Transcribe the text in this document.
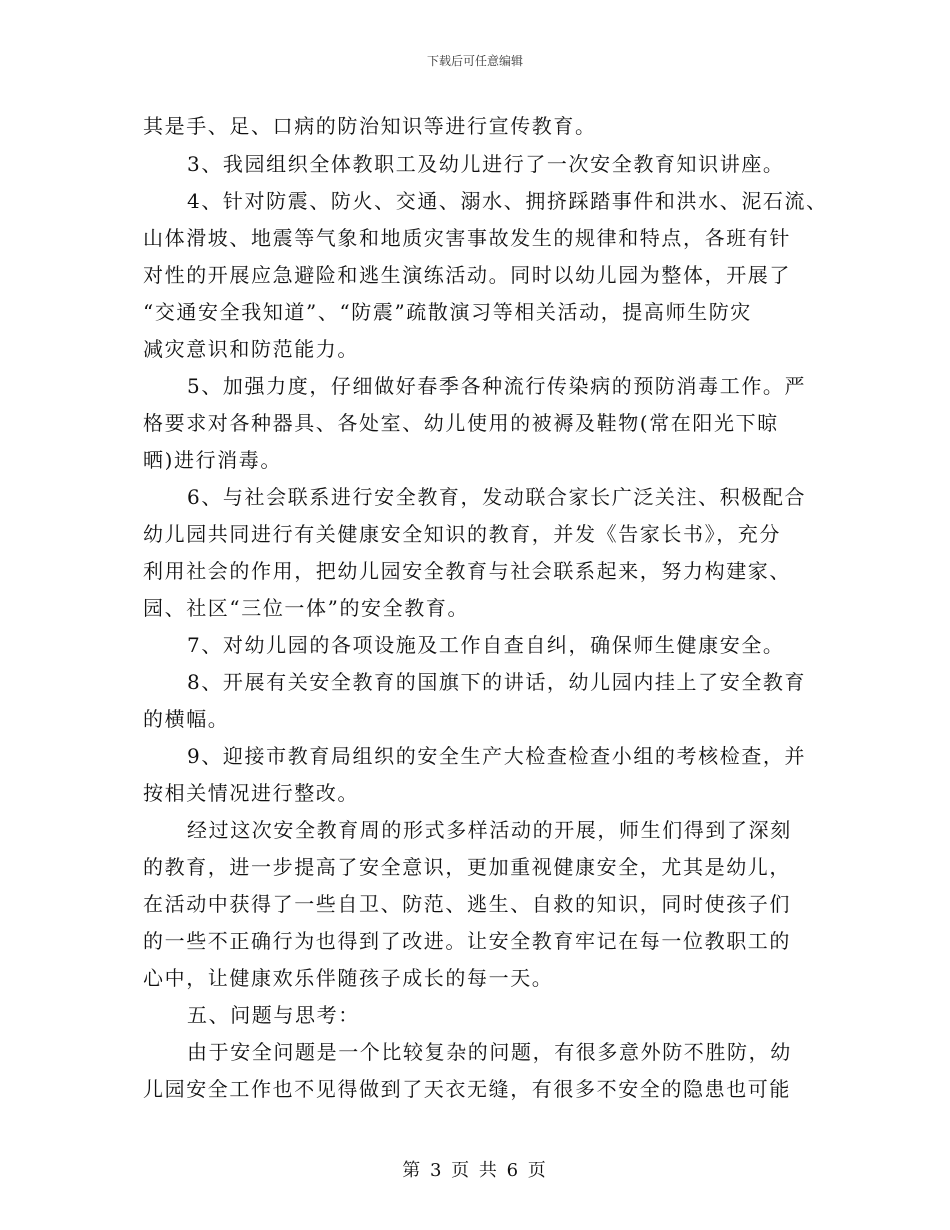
下载后可任意编辑
其是手、足、口病的防治知识等进行宣传教育。
3、我园组织全体教职工及幼儿进行了一次安全教育知识讲座。
4、针对防震、防火、交通、溺水、拥挤踩踏事件和洪水、泥石流、
山体滑坡、地震等气象和地质灾害事故发生的规律和特点，各班有针
对性的开展应急避险和逃生演练活动。同时以幼儿园为整体，开展了
“交通安全我知道”、“防震”疏散演习等相关活动，提高师生防灾
减灾意识和防范能力。
5、加强力度，仔细做好春季各种流行传染病的预防消毒工作。严
格要求对各种器具、各处室、幼儿使用的被褥及鞋物(常在阳光下晾
晒)进行消毒。
6、与社会联系进行安全教育，发动联合家长广泛关注、积极配合
幼儿园共同进行有关健康安全知识的教育，并发《告家长书》，充分
利用社会的作用，把幼儿园安全教育与社会联系起来，努力构建家、
园、社区“三位一体”的安全教育。
7、对幼儿园的各项设施及工作自查自纠，确保师生健康安全。
8、开展有关安全教育的国旗下的讲话，幼儿园内挂上了安全教育
的横幅。
9、迎接市教育局组织的安全生产大检查检查小组的考核检查，并
按相关情况进行整改。
经过这次安全教育周的形式多样活动的开展，师生们得到了深刻
的教育，进一步提高了安全意识，更加重视健康安全，尤其是幼儿，
在活动中获得了一些自卫、防范、逃生、自救的知识，同时使孩子们
的一些不正确行为也得到了改进。让安全教育牢记在每一位教职工的
心中，让健康欢乐伴随孩子成长的每一天。
五、问题与思考：
由于安全问题是一个比较复杂的问题，有很多意外防不胜防，幼
儿园安全工作也不见得做到了天衣无缝，有很多不安全的隐患也可能
第 3 页 共 6 页
